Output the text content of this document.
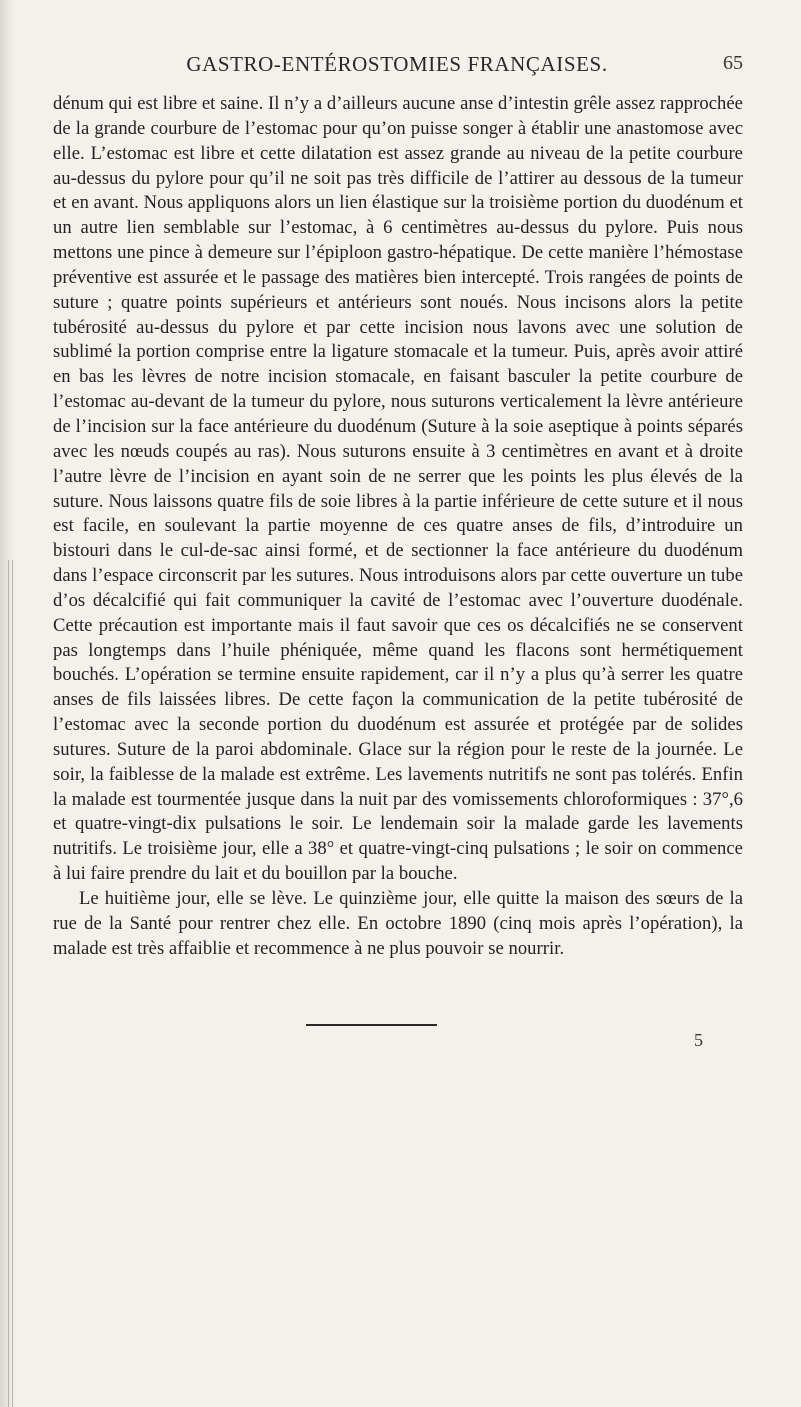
GASTRO-ENTÉROSTOMIES FRANÇAISES.	65

dénum qui est libre et saine. Il n’y a d’ailleurs aucune anse d’intestin grêle assez rapprochée de la grande courbure de l’estomac pour qu’on puisse songer à établir une anastomose avec elle. L’estomac est libre et cette dilatation est assez grande au niveau de la petite courbure au-dessus du pylore pour qu’il ne soit pas très difficile de l’attirer au dessous de la tumeur et en avant. Nous appliquons alors un lien élastique sur la troisième portion du duodénum et un autre lien semblable sur l’estomac, à 6 centimètres au-dessus du pylore. Puis nous mettons une pince à demeure sur l’épiploon gastro-hépatique. De cette manière l’hémostase préventive est assurée et le passage des matières bien intercepté. Trois rangées de points de suture ; quatre points supérieurs et antérieurs sont noués. Nous incisons alors la petite tubérosité au-dessus du pylore et par cette incision nous lavons avec une solution de sublimé la portion comprise entre la ligature stomacale et la tumeur. Puis, après avoir attiré en bas les lèvres de notre incision stomacale, en faisant basculer la petite courbure de l’estomac au-devant de la tumeur du pylore, nous suturons verticalement la lèvre antérieure de l’incision sur la face antérieure du duodénum (Suture à la soie aseptique à points séparés avec les nœuds coupés au ras). Nous suturons ensuite à 3 centimètres en avant et à droite l’autre lèvre de l’incision en ayant soin de ne serrer que les points les plus élevés de la suture. Nous laissons quatre fils de soie libres à la partie inférieure de cette suture et il nous est facile, en soulevant la partie moyenne de ces quatre anses de fils, d’introduire un bistouri dans le cul-de-sac ainsi formé, et de sectionner la face antérieure du duodénum dans l’espace circonscrit par les sutures. Nous introduisons alors par cette ouverture un tube d’os décalcifié qui fait communiquer la cavité de l’estomac avec l’ouverture duodénale. Cette précaution est importante mais il faut savoir que ces os décalcifiés ne se conservent pas longtemps dans l’huile phéniquée, même quand les flacons sont hermétiquement bouchés. L’opération se termine ensuite rapidement, car il n’y a plus qu’à serrer les quatre anses de fils laissées libres. De cette façon la communication de la petite tubérosité de l’estomac avec la seconde portion du duodénum est assurée et protégée par de solides sutures. Suture de la paroi abdominale. Glace sur la région pour le reste de la journée. Le soir, la faiblesse de la malade est extrême. Les lavements nutritifs ne sont pas tolérés. Enfin la malade est tourmentée jusque dans la nuit par des vomissements chloroformiques : 37°,6 et quatre-vingt-dix pulsations le soir. Le lendemain soir la malade garde les lavements nutritifs. Le troisième jour, elle a 38° et quatre-vingt-cinq pulsations ; le soir on commence à lui faire prendre du lait et du bouillon par la bouche.

Le huitième jour, elle se lève. Le quinzième jour, elle quitte la maison des sœurs de la rue de la Santé pour rentrer chez elle. En octobre 1890 (cinq mois après l’opération), la malade est très affaiblie et recommence à ne plus pouvoir se nourrir.

5
